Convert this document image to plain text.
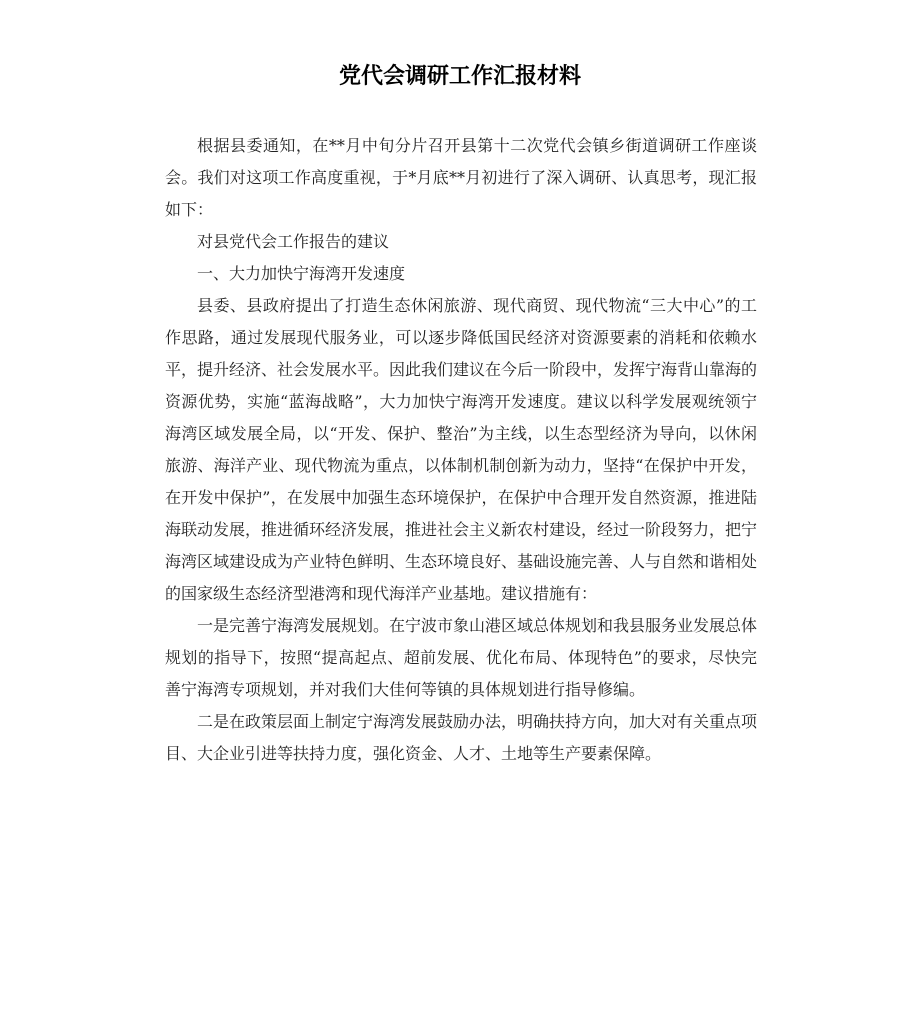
党代会调研工作汇报材料

根据县委通知，在**月中旬分片召开县第十二次党代会镇乡街道调研工作座谈会。我们对这项工作高度重视，于*月底**月初进行了深入调研、认真思考，现汇报如下：

对县党代会工作报告的建议

一、大力加快宁海湾开发速度

县委、县政府提出了打造生态休闲旅游、现代商贸、现代物流“三大中心”的工作思路，通过发展现代服务业，可以逐步降低国民经济对资源要素的消耗和依赖水平，提升经济、社会发展水平。因此我们建议在今后一阶段中，发挥宁海背山靠海的资源优势，实施“蓝海战略”，大力加快宁海湾开发速度。建议以科学发展观统领宁海湾区域发展全局，以“开发、保护、整治”为主线，以生态型经济为导向，以休闲旅游、海洋产业、现代物流为重点，以体制机制创新为动力，坚持“在保护中开发，在开发中保护”，在发展中加强生态环境保护，在保护中合理开发自然资源，推进陆海联动发展，推进循环经济发展，推进社会主义新农村建设，经过一阶段努力，把宁海湾区域建设成为产业特色鲜明、生态环境良好、基础设施完善、人与自然和谐相处的国家级生态经济型港湾和现代海洋产业基地。建议措施有：

一是完善宁海湾发展规划。在宁波市象山港区域总体规划和我县服务业发展总体规划的指导下，按照“提高起点、超前发展、优化布局、体现特色”的要求，尽快完善宁海湾专项规划，并对我们大佳何等镇的具体规划进行指导修编。

二是在政策层面上制定宁海湾发展鼓励办法，明确扶持方向，加大对有关重点项目、大企业引进等扶持力度，强化资金、人才、土地等生产要素保障。
